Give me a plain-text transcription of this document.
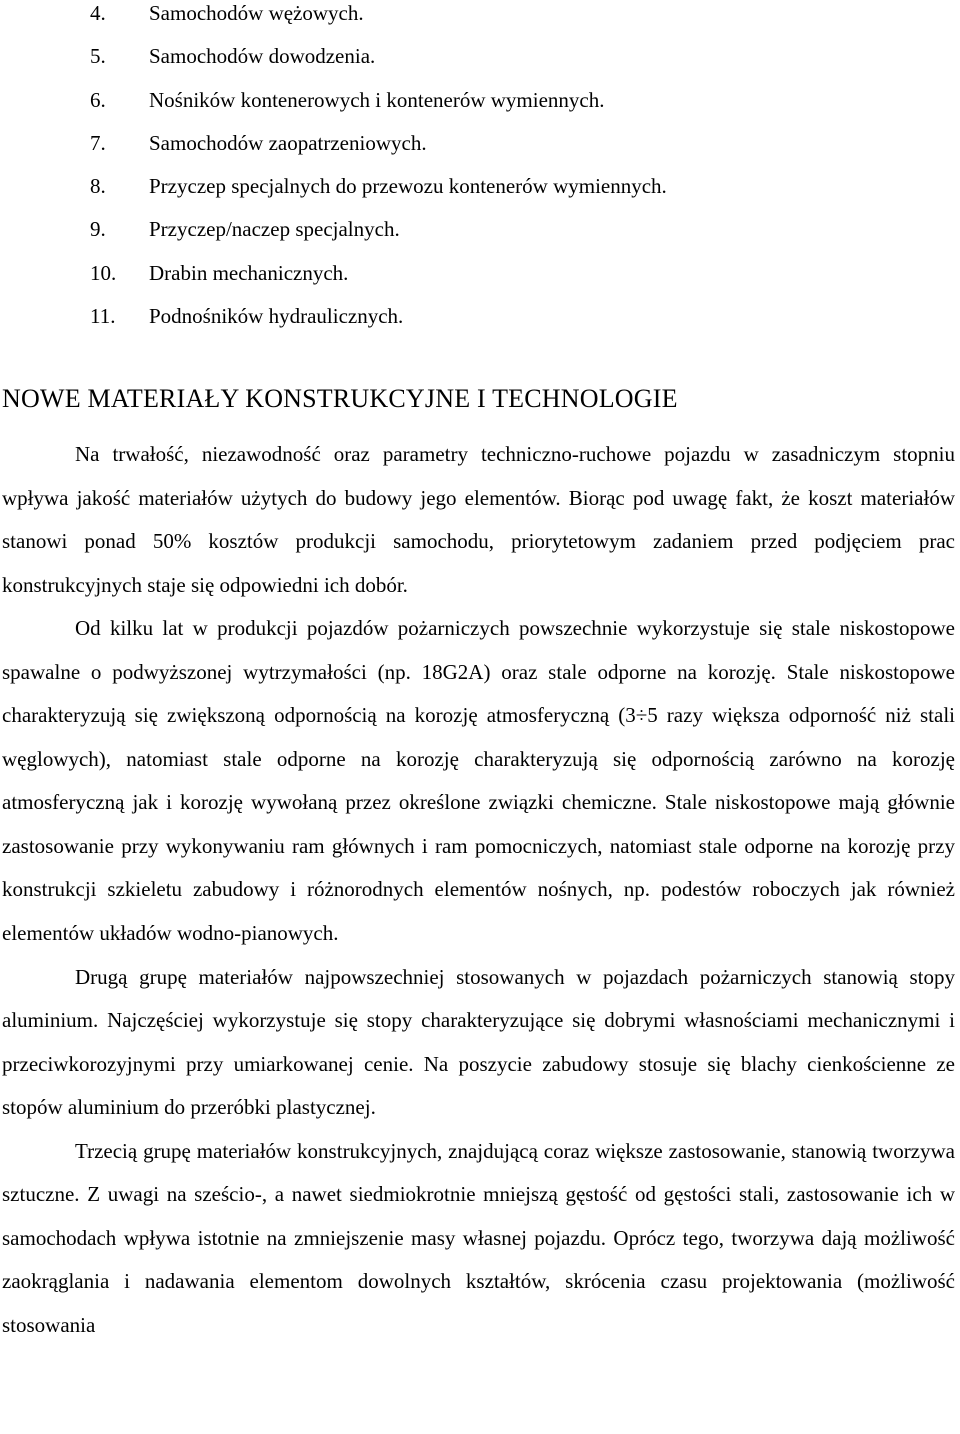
4.	Samochodów wężowych.
5.	Samochodów dowodzenia.
6.	Nośników kontenerowych i kontenerów wymiennych.
7.	Samochodów zaopatrzeniowych.
8.	Przyczep specjalnych do przewozu kontenerów wymiennych.
9.	Przyczep/naczep specjalnych.
10.	Drabin mechanicznych.
11.	Podnośników hydraulicznych.
NOWE MATERIAŁY KONSTRUKCYJNE I TECHNOLOGIE

Na trwałość, niezawodność oraz parametry techniczno-ruchowe pojazdu w zasadniczym stopniu wpływa jakość materiałów użytych do budowy jego elementów. Biorąc pod uwagę fakt, że koszt materiałów stanowi ponad 50% kosztów produkcji samochodu, priorytetowym zadaniem przed podjęciem prac konstrukcyjnych staje się odpowiedni ich dobór.

Od kilku lat w produkcji pojazdów pożarniczych powszechnie wykorzystuje się stale niskostopowe spawalne o podwyższonej wytrzymałości (np. 18G2A) oraz stale odporne na korozję. Stale niskostopowe charakteryzują się zwiększoną odpornością na korozję atmosferyczną (3÷5 razy większa odporność niż stali węglowych), natomiast stale odporne na korozję charakteryzują się odpornością zarówno na korozję atmosferyczną jak i korozję wywołaną przez określone związki chemiczne. Stale niskostopowe mają głównie zastosowanie przy wykonywaniu ram głównych i ram pomocniczych, natomiast stale odporne na korozję przy konstrukcji szkieletu zabudowy i różnorodnych elementów nośnych, np. podestów roboczych jak również elementów układów wodno-pianowych.

Drugą grupę materiałów najpowszechniej stosowanych w pojazdach pożarniczych stanowią stopy aluminium. Najczęściej wykorzystuje się stopy charakteryzujące się dobrymi własnościami mechanicznymi i przeciwkorozyjnymi przy umiarkowanej cenie. Na poszycie zabudowy stosuje się blachy cienkościenne ze stopów aluminium do przeróbki plastycznej.

Trzecią grupę materiałów konstrukcyjnych, znajdującą coraz większe zastosowanie, stanowią tworzywa sztuczne. Z uwagi na sześcio-, a nawet siedmiokrotnie mniejszą gęstość od gęstości stali, zastosowanie ich w samochodach wpływa istotnie na zmniejszenie masy własnej pojazdu. Oprócz tego, tworzywa dają możliwość zaokrąglania i nadawania elementom dowolnych kształtów, skrócenia czasu projektowania (możliwość stosowania
